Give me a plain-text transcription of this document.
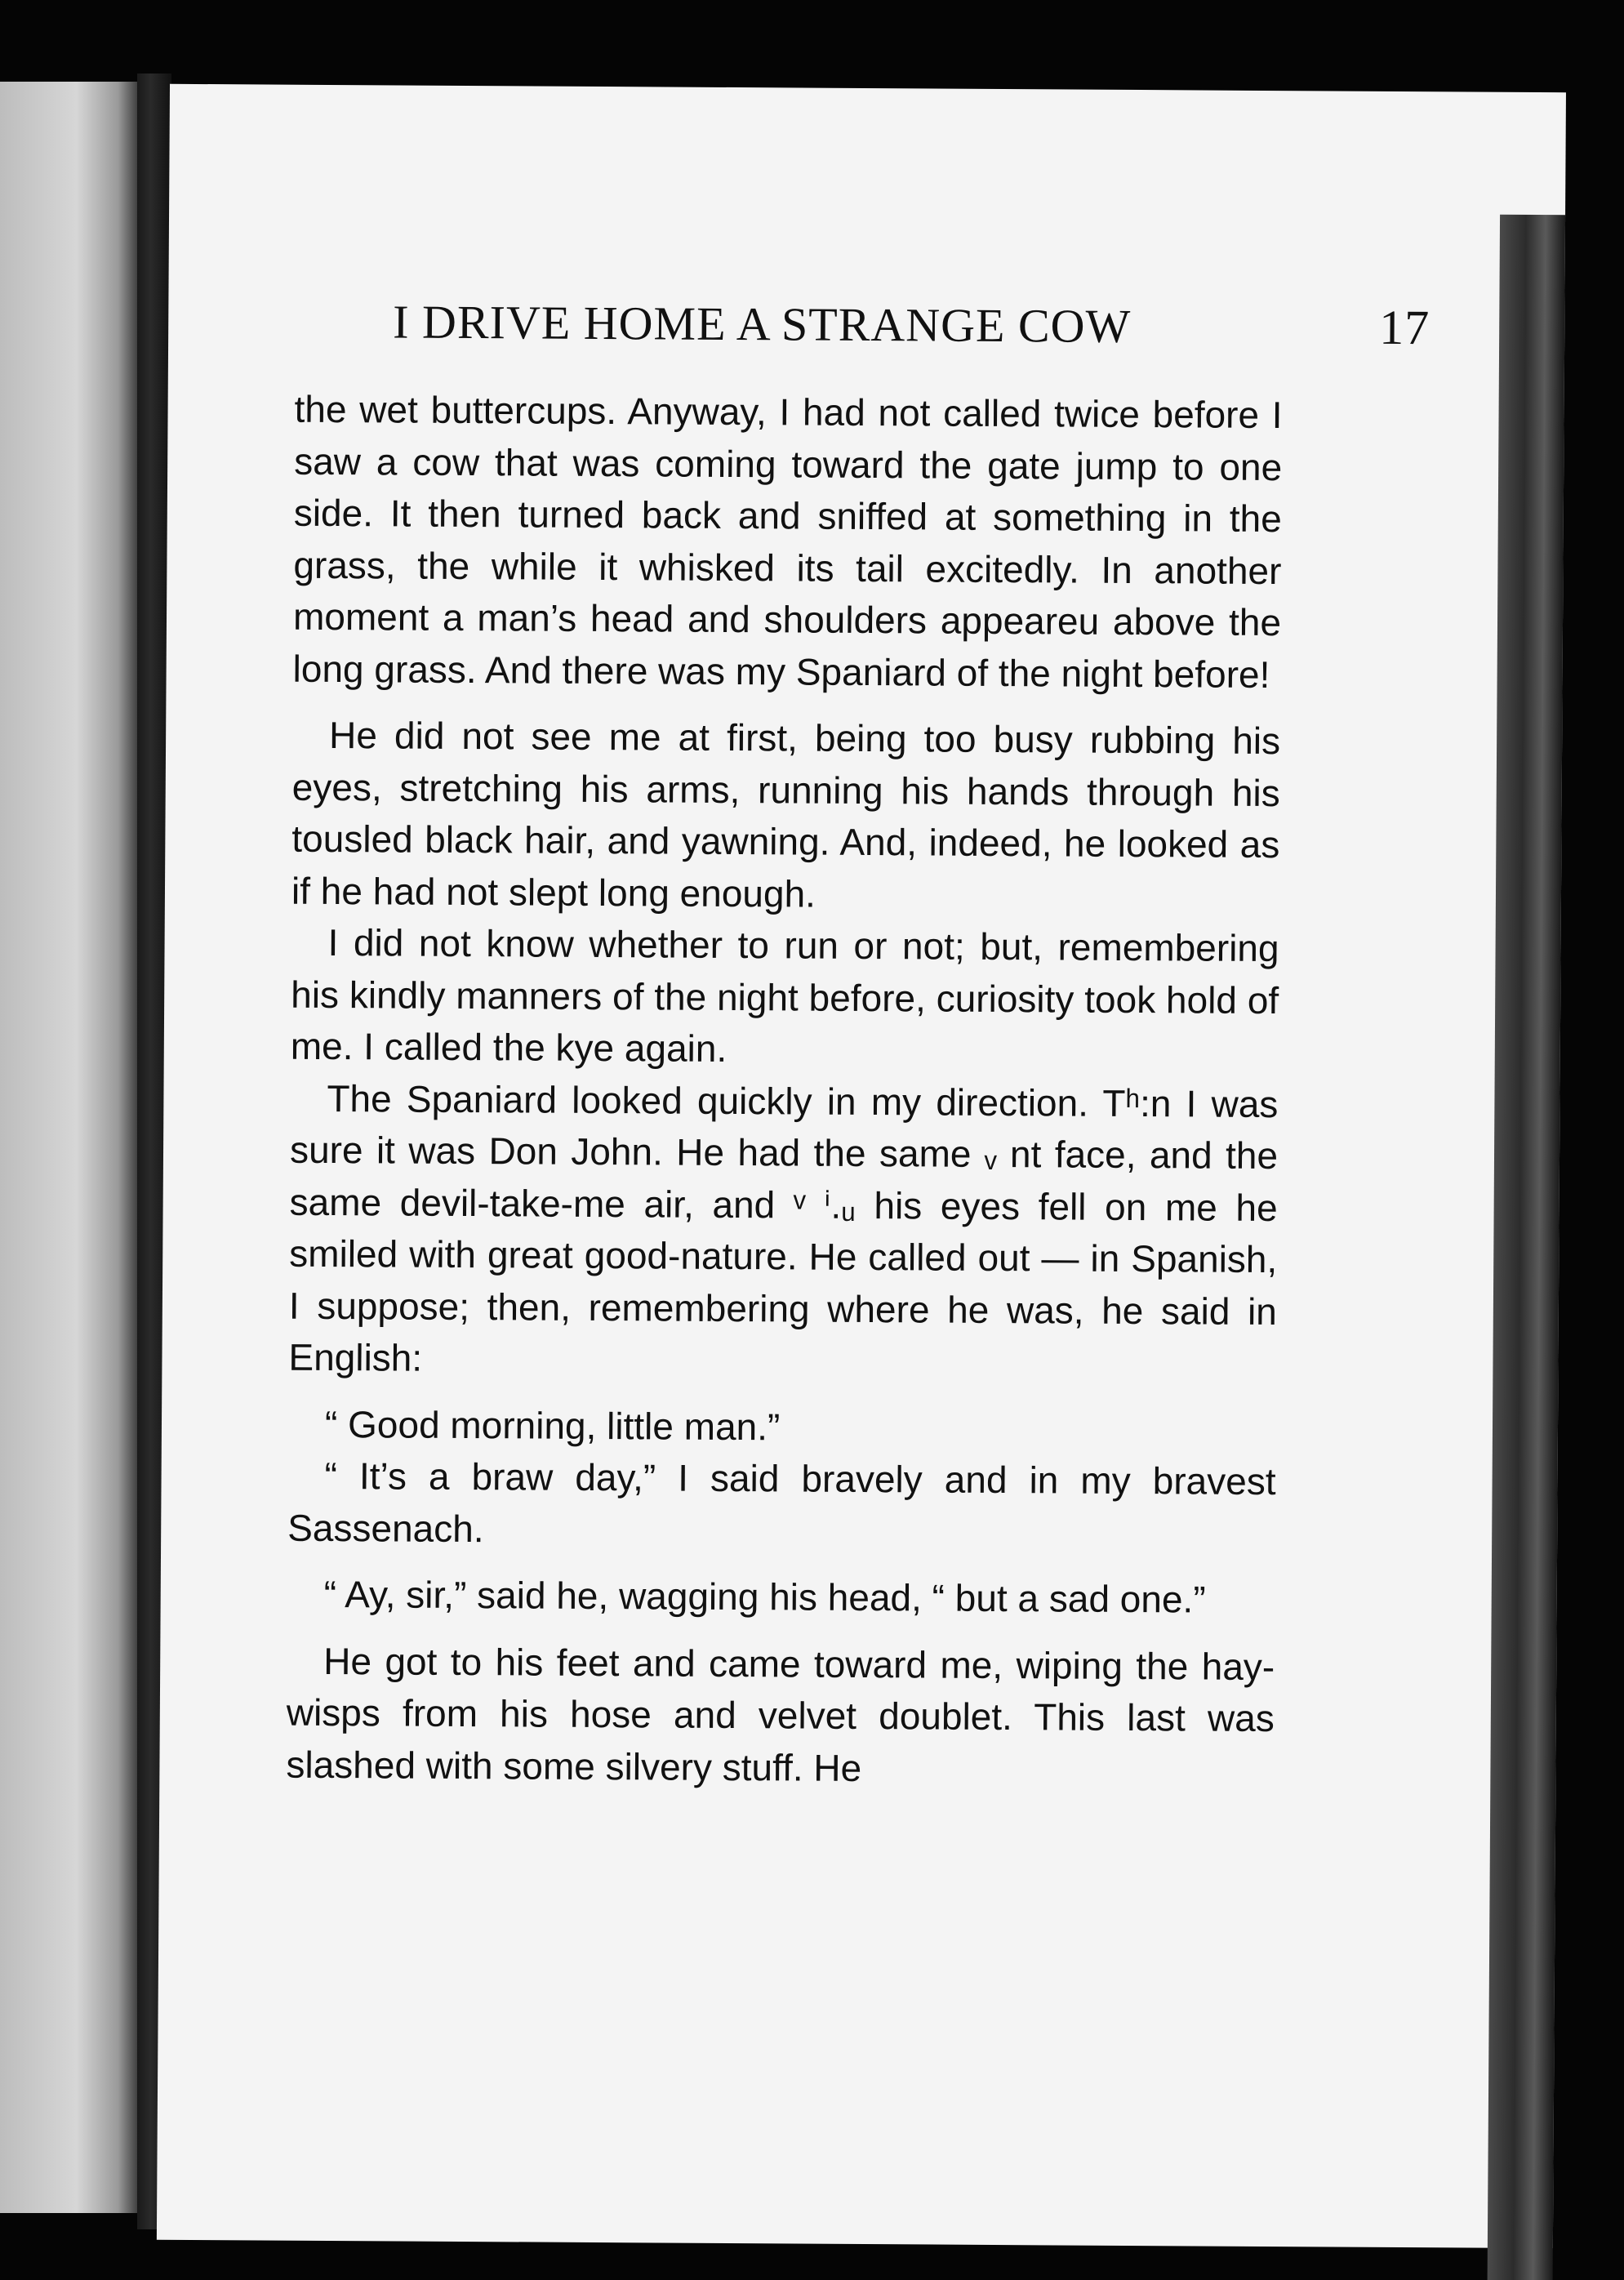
I DRIVE HOME A STRANGE COW	17

the wet buttercups. Anyway, I had not called twice before I saw a cow that was coming toward the gate jump to one side. It then turned back and sniffed at something in the grass, the while it whisked its tail excitedly. In another moment a man’s head and shoulders appeareu above the long grass. And there was my Spaniard of the night before!

He did not see me at first, being too busy rubbing his eyes, stretching his arms, running his hands through his tousled black hair, and yawning. And, indeed, he looked as if he had not slept long enough.

I did not know whether to run or not; but, remembering his kindly manners of the night before, curiosity took hold of me. I called the kye again.

The Spaniard looked quickly in my direction. Tʰ:n I was sure it was Don John. He had the same ᵥ nt face, and the same devil-take-me air, and ᵛ ⁱ.ᵤ his eyes fell on me he smiled with great good-nature. He called out — in Spanish, I suppose; then, remembering where he was, he said in English:

“ Good morning, little man.”

“ It’s a braw day,” I said bravely and in my bravest Sassenach.

“ Ay, sir,” said he, wagging his head, “ but a sad one.”

He got to his feet and came toward me, wiping the hay-wisps from his hose and velvet doublet. This last was slashed with some silvery stuff. He
